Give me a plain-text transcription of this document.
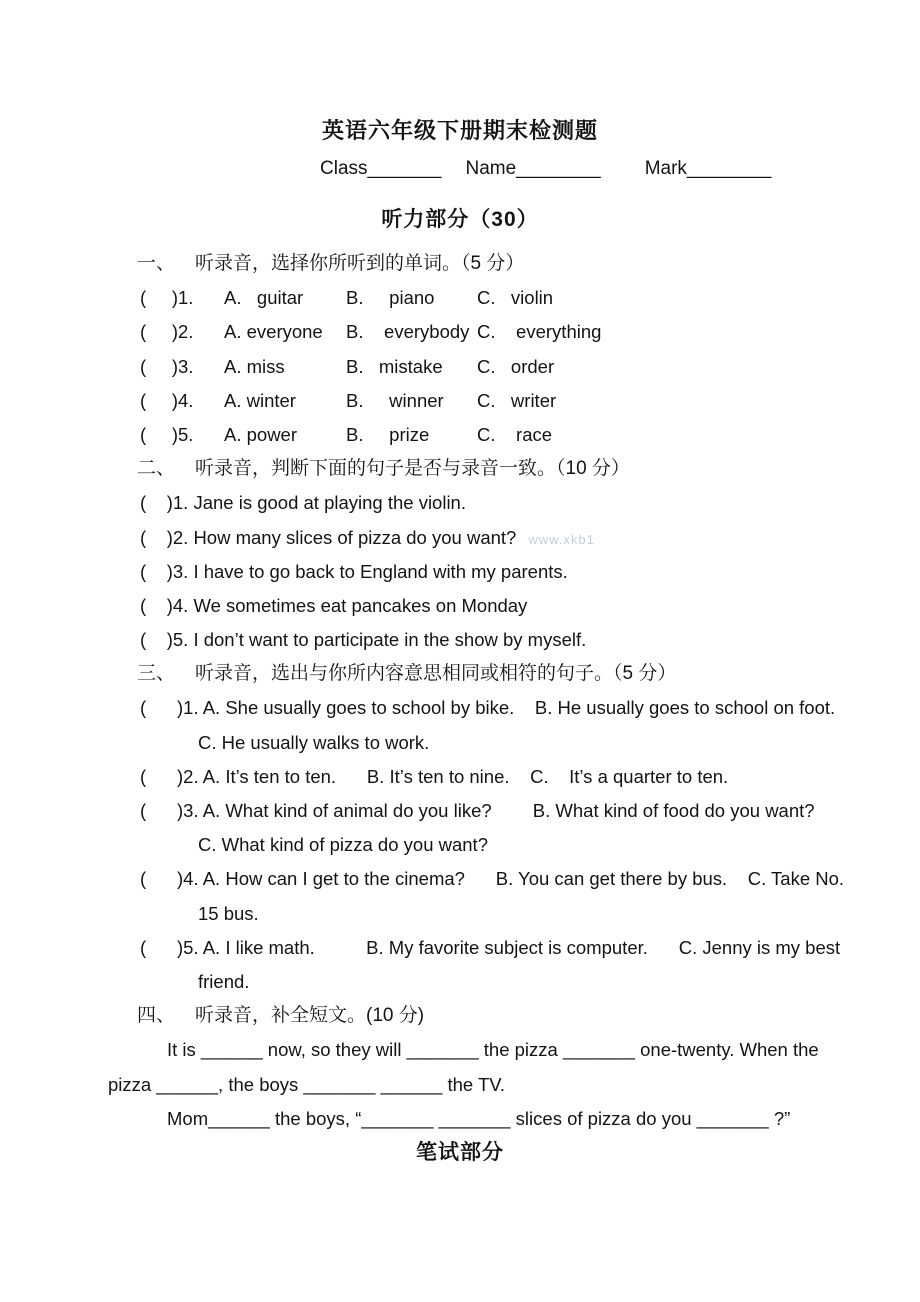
英语六年级下册期末检测题
Class_______ Name________ Mark________
听力部分（30）
一、 听录音，选择你所听到的单词。（5 分）
(     )1.	A.   guitar	B.     piano	C.   violin
(     )2.	A. everyone	B.    everybody C.    everything
(     )3.	A. miss	B.   mistake	C.   order
(     )4.	A. winter	B.     winner	C.   writer
(     )5.	A. power	B.     prize	C.    race
二、 听录音，判断下面的句子是否与录音一致。（10 分）
(    )1. Jane is good at playing the violin.
(    )2. How many slices of pizza do you want? www.xkb1
(    )3. I have to go back to England with my parents.
(    )4. We sometimes eat pancakes on Monday
(    )5. I don’t want to participate in the show by myself.
三、 听录音，选出与你所内容意思相同或相符的句子。（5 分）
(      )1. A. She usually goes to school by bike.    B. He usually goes to school on foot.
C. He usually walks to work.
(      )2. A. It’s ten to ten.      B. It’s ten to nine.    C.    It’s a quarter to ten.
(      )3. A. What kind of animal do you like?        B. What kind of food do you want?
C. What kind of pizza do you want?
(      )4. A. How can I get to the cinema?      B. You can get there by bus.    C. Take No.
15 bus.
(      )5. A. I like math.          B. My favorite subject is computer.      C. Jenny is my best
friend.
四、 听录音，补全短文。(10 分)
It is ______ now, so they will _______ the pizza _______ one-twenty. When the
pizza ______, the boys _______ ______ the TV.
Mom______ the boys, “_______ _______ slices of pizza do you _______ ?”
笔试部分
